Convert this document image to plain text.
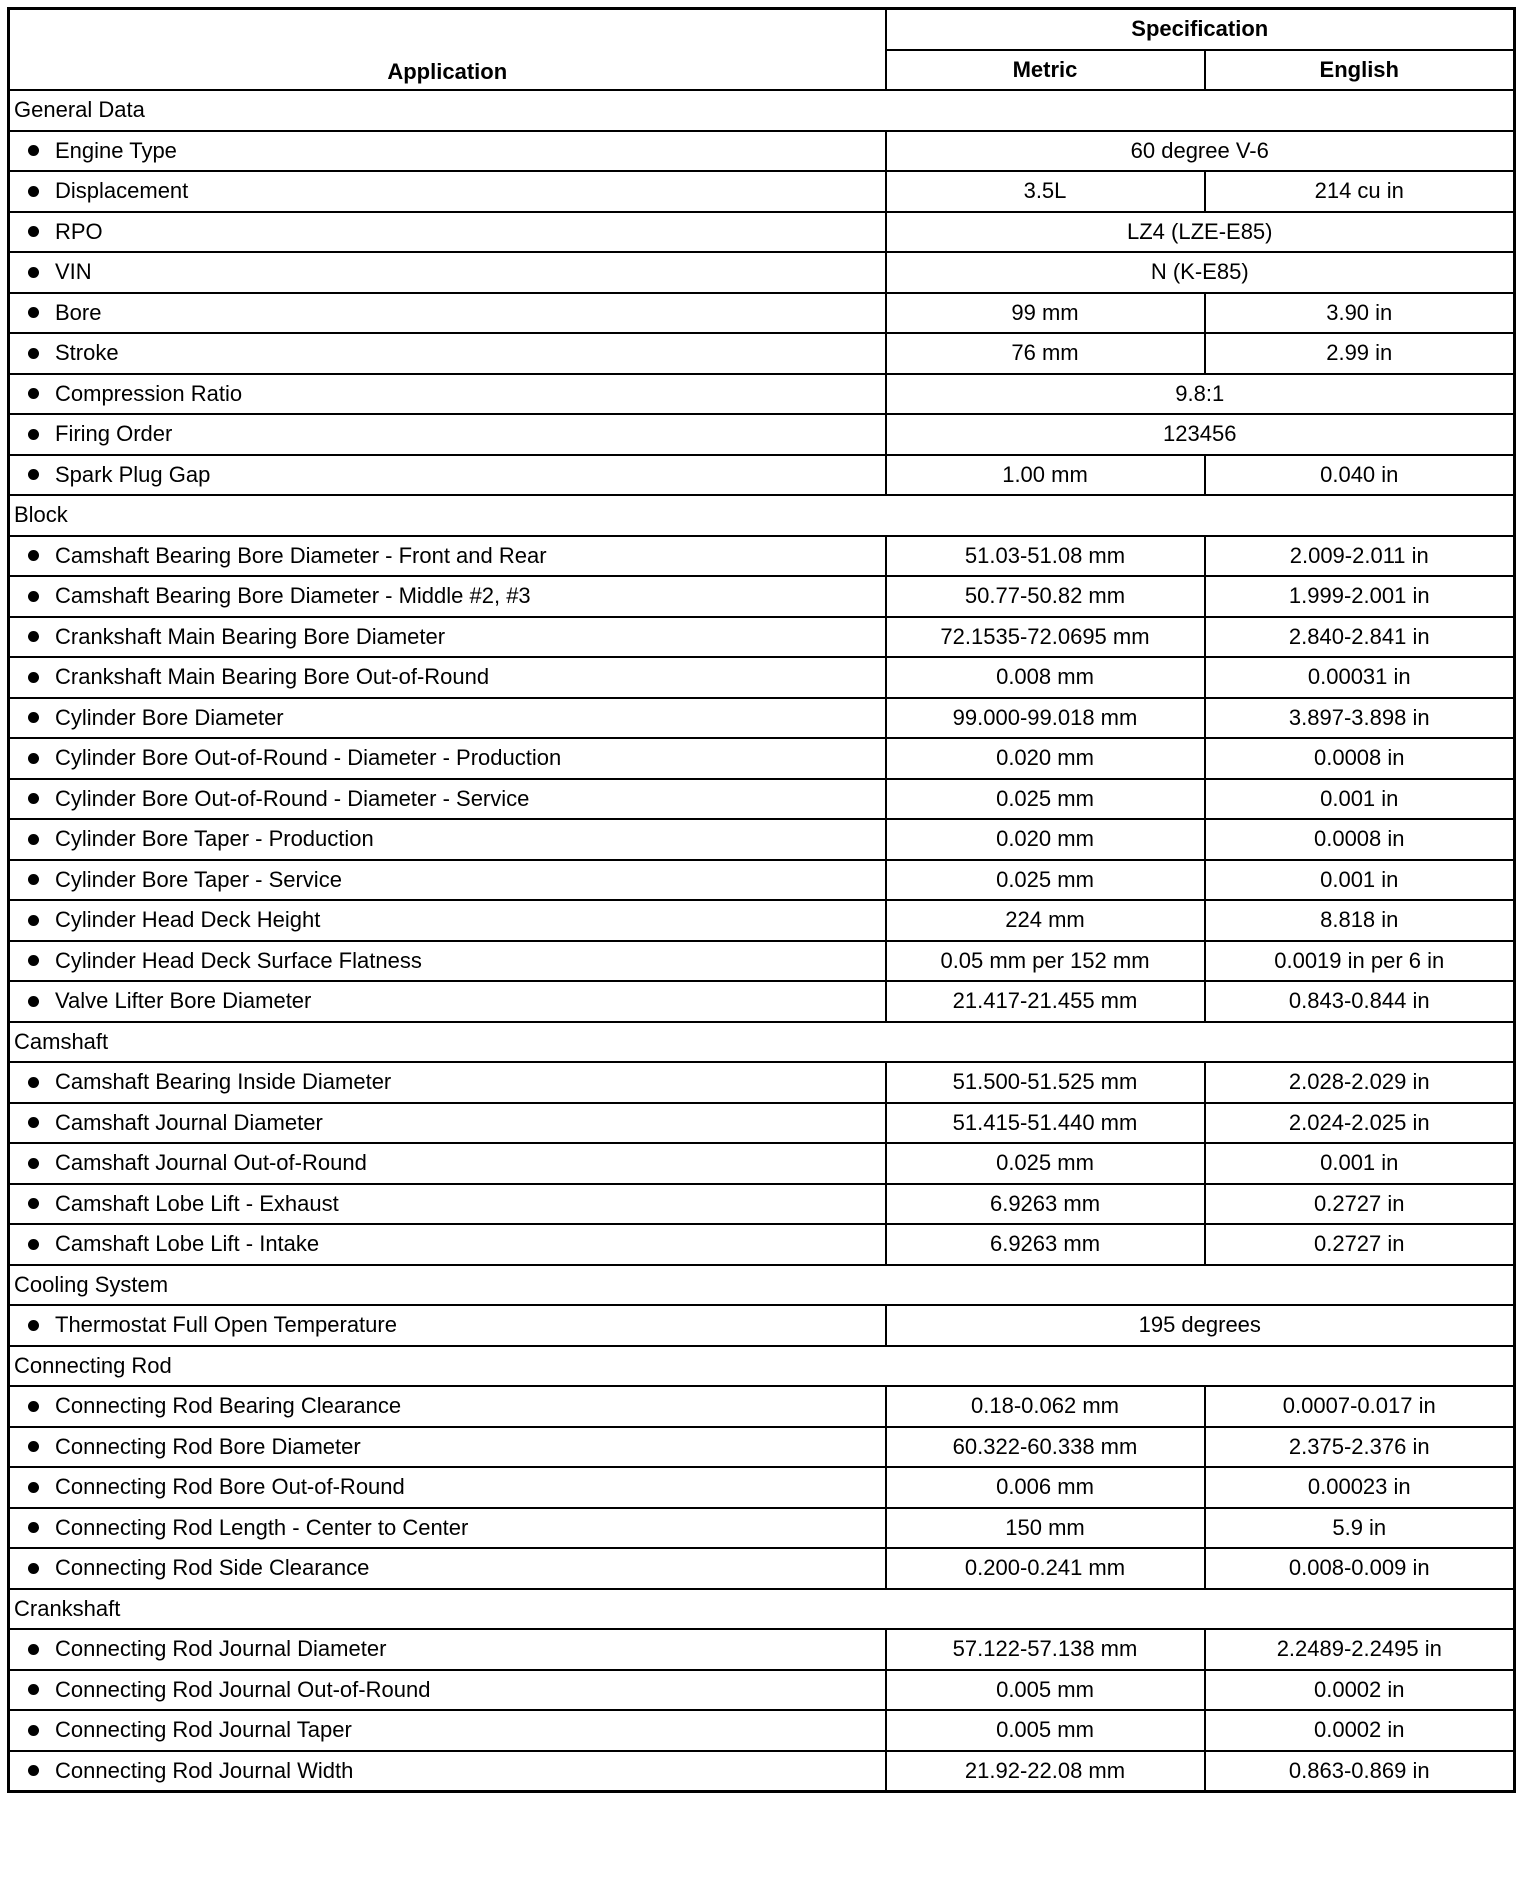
Application	Specification	
	Metric	English
General Data		
Engine Type	60 degree V-6	
Displacement	3.5L	214 cu in
RPO	LZ4 (LZE-E85)	
VIN	N (K-E85)	
Bore	99 mm	3.90 in
Stroke	76 mm	2.99 in
Compression Ratio	9.8:1	
Firing Order	123456	
Spark Plug Gap	1.00 mm	0.040 in
Block		
Camshaft Bearing Bore Diameter - Front and Rear	51.03-51.08 mm	2.009-2.011 in
Camshaft Bearing Bore Diameter - Middle #2, #3	50.77-50.82 mm	1.999-2.001 in
Crankshaft Main Bearing Bore Diameter	72.1535-72.0695 mm	2.840-2.841 in
Crankshaft Main Bearing Bore Out-of-Round	0.008 mm	0.00031 in
Cylinder Bore Diameter	99.000-99.018 mm	3.897-3.898 in
Cylinder Bore Out-of-Round - Diameter - Production	0.020 mm	0.0008 in
Cylinder Bore Out-of-Round - Diameter - Service	0.025 mm	0.001 in
Cylinder Bore Taper - Production	0.020 mm	0.0008 in
Cylinder Bore Taper - Service	0.025 mm	0.001 in
Cylinder Head Deck Height	224 mm	8.818 in
Cylinder Head Deck Surface Flatness	0.05 mm per 152 mm	0.0019 in per 6 in
Valve Lifter Bore Diameter	21.417-21.455 mm	0.843-0.844 in
Camshaft		
Camshaft Bearing Inside Diameter	51.500-51.525 mm	2.028-2.029 in
Camshaft Journal Diameter	51.415-51.440 mm	2.024-2.025 in
Camshaft Journal Out-of-Round	0.025 mm	0.001 in
Camshaft Lobe Lift - Exhaust	6.9263 mm	0.2727 in
Camshaft Lobe Lift - Intake	6.9263 mm	0.2727 in
Cooling System		
Thermostat Full Open Temperature	195 degrees	
Connecting Rod		
Connecting Rod Bearing Clearance	0.18-0.062 mm	0.0007-0.017 in
Connecting Rod Bore Diameter	60.322-60.338 mm	2.375-2.376 in
Connecting Rod Bore Out-of-Round	0.006 mm	0.00023 in
Connecting Rod Length - Center to Center	150 mm	5.9 in
Connecting Rod Side Clearance	0.200-0.241 mm	0.008-0.009 in
Crankshaft		
Connecting Rod Journal Diameter	57.122-57.138 mm	2.2489-2.2495 in
Connecting Rod Journal Out-of-Round	0.005 mm	0.0002 in
Connecting Rod Journal Taper	0.005 mm	0.0002 in
Connecting Rod Journal Width	21.92-22.08 mm	0.863-0.869 in
